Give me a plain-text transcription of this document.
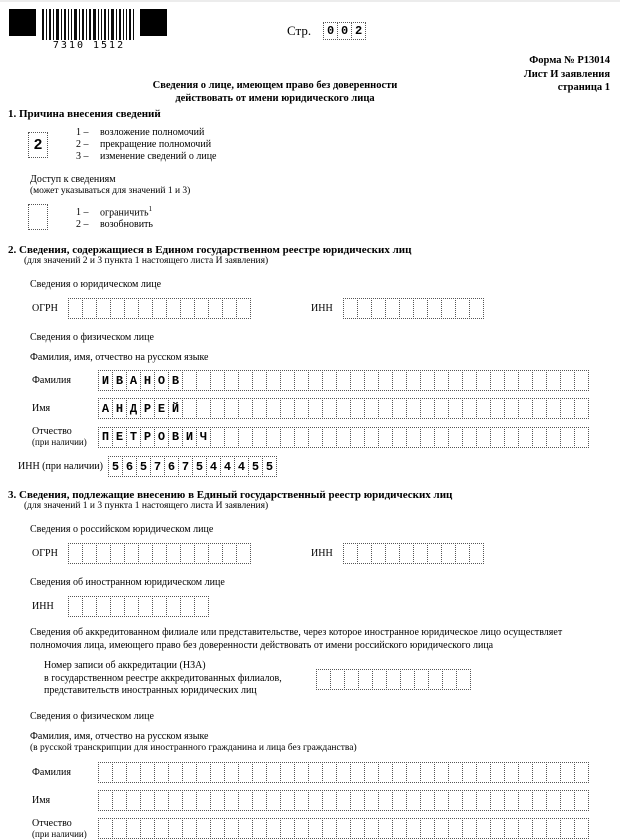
7310 1512
Стр.	0 0 2
Форма № Р13014
Лист И заявления
страница 1
Сведения о лице, имеющем право без доверенности
действовать от имени юридического лица
1. Причина внесения сведений
2
1 – возложение полномочий
2 – прекращение полномочий
3 – изменение сведений о лице
Доступ к сведениям
(может указываться для значений 1 и 3)
1 – ограничить$^1$
2 – возобновить
2. Сведения, содержащиеся в Едином государственном реестре юридических лиц
(для значений 2 и 3 пункта 1 настоящего листа И заявления)
Сведения о юридическом лице
ОГРН	ИНН
Сведения о физическом лице
Фамилия, имя, отчество на русском языке
Фамилия	И В А Н О В
Имя	А Н Д Р Е Й
Отчество
(при наличии)	П Е Т Р О В И Ч
ИНН (при наличии) 5 6 5 7 6 7 5 4 4 4 5 5
3. Сведения, подлежащие внесению в Единый государственный реестр юридических лиц
(для значений 1 и 3 пункта 1 настоящего листа И заявления)
Сведения о российском юридическом лице
ОГРН	ИНН
Сведения об иностранном юридическом лице
ИНН
Сведения об аккредитованном филиале или представительстве, через которое иностранное юридическое лицо осуществляет
полномочия лица, имеющего право без доверенности действовать от имени российского юридического лица
Номер записи об аккредитации (НЗА)
в государственном реестре аккредитованных филиалов,
представительств иностранных юридических лиц
Сведения о физическом лице
Фамилия, имя, отчество на русском языке
(в русской транскрипции для иностранного гражданина и лица без гражданства)
Фамилия
Имя
Отчество
(при наличии)
